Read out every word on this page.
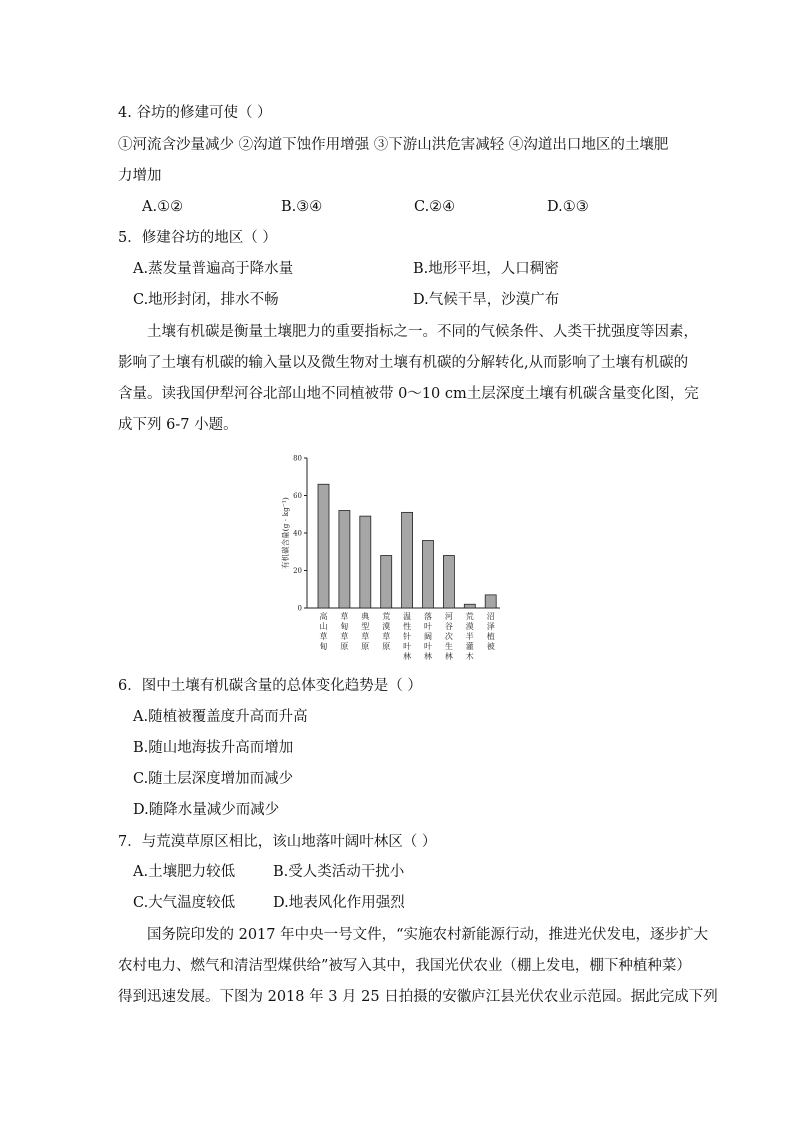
4. 谷坊的修建可使（ ）
①河流含沙量减少 ②沟道下蚀作用增强 ③下游山洪危害减轻 ④沟道出口地区的土壤肥
力增加
A.①②	B.③④	C.②④	D.①③
5．修建谷坊的地区（ ）
A.蒸发量普遍高于降水量	B.地形平坦，人口稠密
C.地形封闭，排水不畅	D.气候干旱，沙漠广布
土壤有机碳是衡量土壤肥力的重要指标之一。不同的气候条件、人类干扰强度等因素，
影响了土壤有机碳的输入量以及微生物对土壤有机碳的分解转化,从而影响了土壤有机碳的
含量。读我国伊犁河谷北部山地不同植被带 0～10 cm土层深度土壤有机碳含量变化图，完
成下列 6-7 小题。
0
20
40
60
80
有机碳含量(g · kg⁻¹)
高山草甸
草甸草原
典型草原
荒漠草原
温性针叶林
落叶阔叶林
河谷次生林
荒漠半灌木
沼泽植被
6．图中土壤有机碳含量的总体变化趋势是（ ）
A.随植被覆盖度升高而升高
B.随山地海拔升高而增加
C.随土层深度增加而减少
D.随降水量减少而减少
7．与荒漠草原区相比，该山地落叶阔叶林区（ ）
A.土壤肥力较低	B.受人类活动干扰小
C.大气温度较低	D.地表风化作用强烈
国务院印发的 2017 年中央一号文件，“实施农村新能源行动，推进光伏发电，逐步扩大
农村电力、燃气和清洁型煤供给”被写入其中，我国光伏农业（棚上发电，棚下种植种菜）
得到迅速发展。下图为 2018 年 3 月 25 日拍摄的安徽庐江县光伏农业示范园。据此完成下列
